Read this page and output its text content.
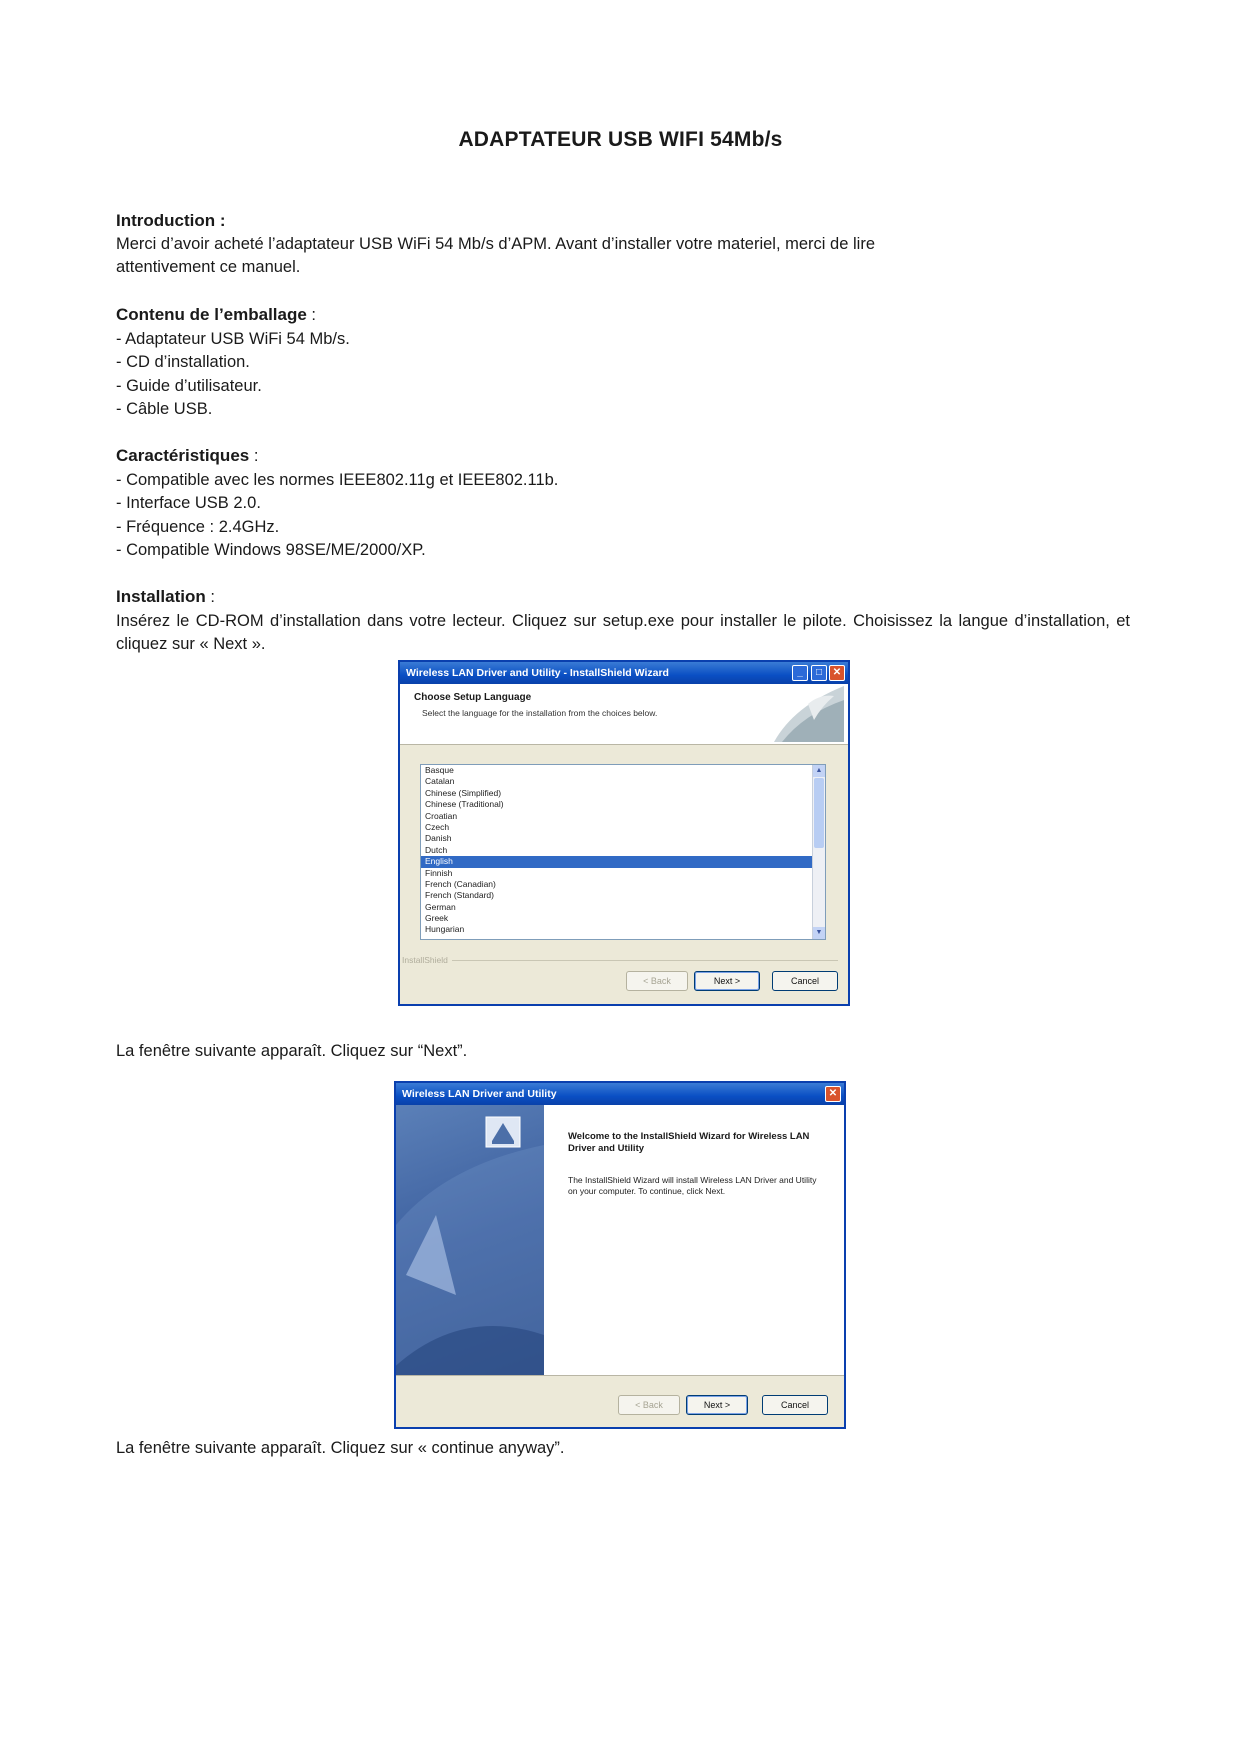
ADAPTATEUR USB WIFI 54Mb/s
Introduction :
Merci d’avoir acheté l’adaptateur USB WiFi 54 Mb/s d’APM. Avant d’installer votre materiel, merci de lire
attentivement ce manuel.
Contenu de l’emballage :
- Adaptateur USB WiFi 54 Mb/s.
- CD d’installation.
- Guide d’utilisateur.
- Câble USB.
Caractéristiques :
- Compatible avec les normes IEEE802.11g et IEEE802.11b.
- Interface USB 2.0.
- Fréquence : 2.4GHz.
- Compatible Windows 98SE/ME/2000/XP.
Installation :
Insérez le CD-ROM d’installation dans votre lecteur. Cliquez sur setup.exe pour installer le pilote. Choisissez la langue d’installation, et cliquez sur « Next ».
Wireless LAN Driver and Utility - InstallShield Wizard	_	□	✕
Choose Setup Language
Select the language for the installation from the choices below.
Basque
Catalan
Chinese (Simplified)
Chinese (Traditional)
Croatian
Czech
Danish
Dutch
English
Finnish
French (Canadian)
French (Standard)
German
Greek
Hungarian
▲
▼
InstallShield
< Back	Next >	Cancel
La fenêtre suivante apparaît. Cliquez sur “Next”.
Wireless LAN Driver and Utility	✕
Welcome to the InstallShield Wizard for Wireless LAN Driver and Utility
The InstallShield Wizard will install Wireless LAN Driver and Utility on your computer. To continue, click Next.
< Back	Next >	Cancel
La fenêtre suivante apparaît. Cliquez sur « continue anyway”.
